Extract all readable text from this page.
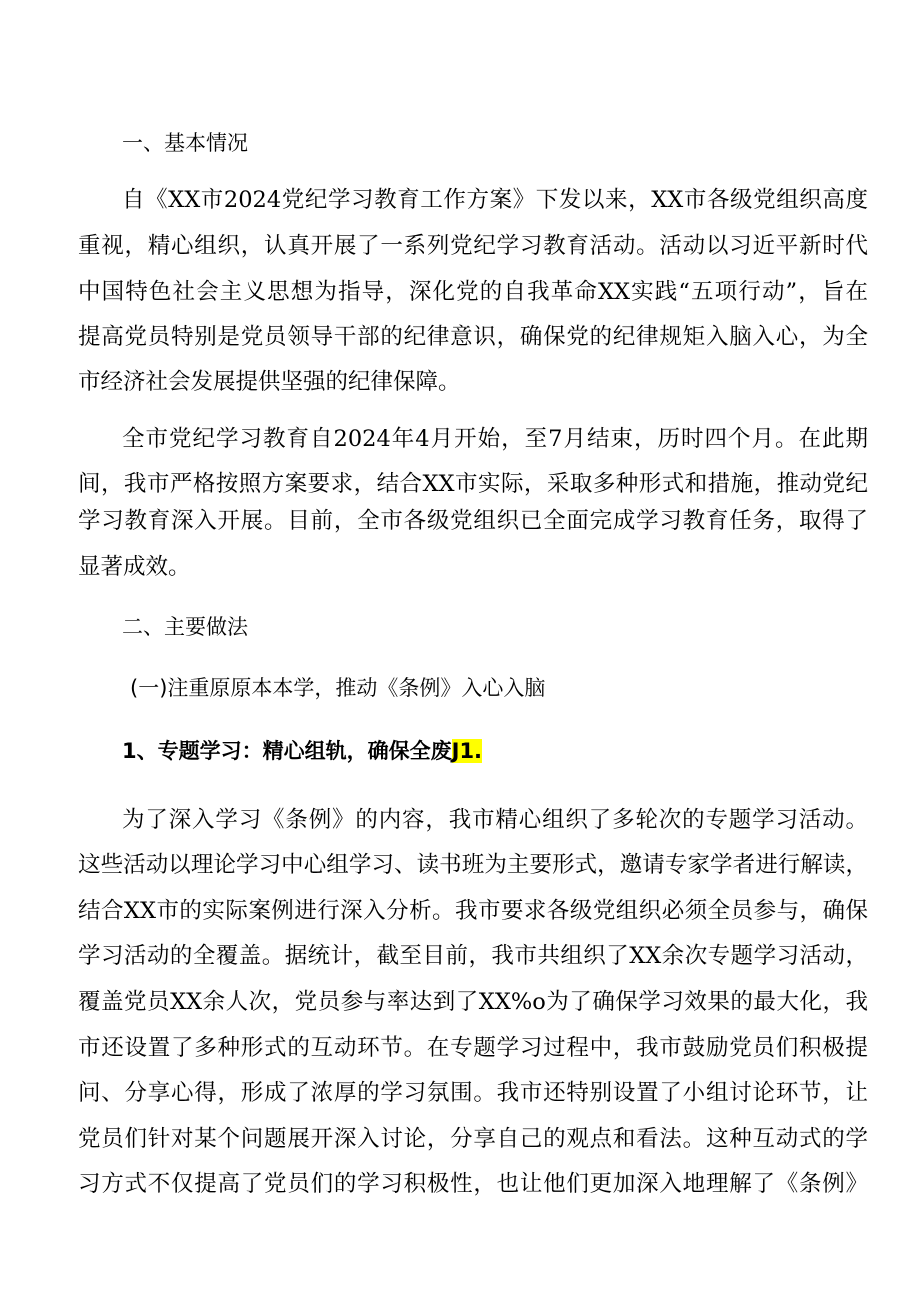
一、基本情况
自《XX市2024党纪学习教育工作方案》下发以来，XX市各级党组织高度
重视，精心组织，认真开展了一系列党纪学习教育活动。活动以习近平新时代
中国特色社会主义思想为指导，深化党的自我革命XX实践“五项行动”，旨在
提高党员特别是党员领导干部的纪律意识，确保党的纪律规矩入脑入心，为全
市经济社会发展提供坚强的纪律保障。
全市党纪学习教育自2024年4月开始，至7月结束，历时四个月。在此期
间，我市严格按照方案要求，结合XX市实际，采取多种形式和措施，推动党纪
学习教育深入开展。目前，全市各级党组织已全面完成学习教育任务，取得了
显著成效。
二、主要做法
(一)注重原原本本学，推动《条例》入心入脑
1、专题学习：精心组轨，确保全废J1.
为了深入学习《条例》的内容，我市精心组织了多轮次的专题学习活动。
这些活动以理论学习中心组学习、读书班为主要形式，邀请专家学者进行解读，
结合XX市的实际案例进行深入分析。我市要求各级党组织必须全员参与，确保
学习活动的全覆盖。据统计，截至目前，我市共组织了XX余次专题学习活动，
覆盖党员XX余人次，党员参与率达到了XX%o为了确保学习效果的最大化，我
市还设置了多种形式的互动环节。在专题学习过程中，我市鼓励党员们积极提
问、分享心得，形成了浓厚的学习氛围。我市还特别设置了小组讨论环节，让
党员们针对某个问题展开深入讨论，分享自己的观点和看法。这种互动式的学
习方式不仅提高了党员们的学习积极性，也让他们更加深入地理解了《条例》
